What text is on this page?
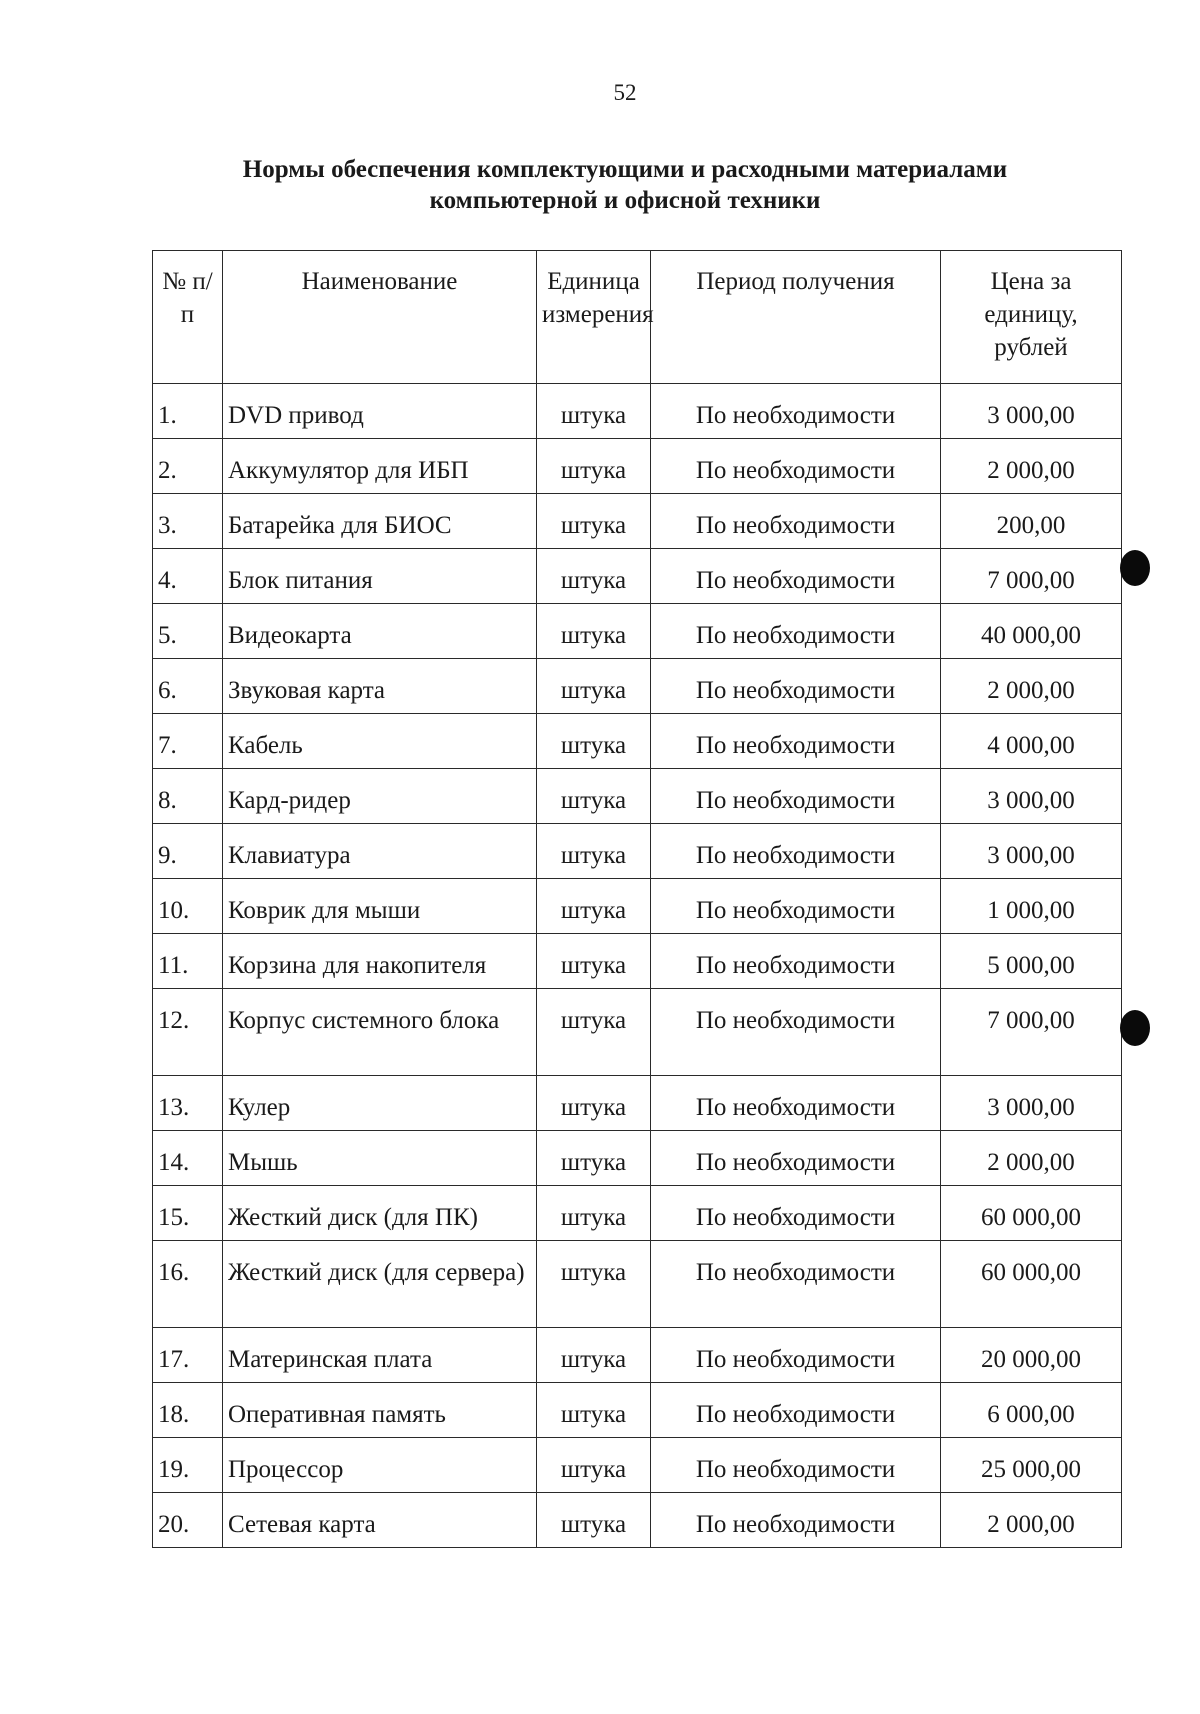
52
Нормы обеспечения комплектующими и расходными материалами
компьютерной и офисной техники
№ п/п	Наименование	Единица измерения	Период получения	Цена за единицу, рублей
1.	DVD привод	штука	По необходимости	3 000,00
2.	Аккумулятор для ИБП	штука	По необходимости	2 000,00
3.	Батарейка для БИОС	штука	По необходимости	200,00
4.	Блок питания	штука	По необходимости	7 000,00
5.	Видеокарта	штука	По необходимости	40 000,00
6.	Звуковая карта	штука	По необходимости	2 000,00
7.	Кабель	штука	По необходимости	4 000,00
8.	Кард-ридер	штука	По необходимости	3 000,00
9.	Клавиатура	штука	По необходимости	3 000,00
10.	Коврик для мыши	штука	По необходимости	1 000,00
11.	Корзина для накопителя	штука	По необходимости	5 000,00
12.	Корпус системного блока	штука	По необходимости	7 000,00
13.	Кулер	штука	По необходимости	3 000,00
14.	Мышь	штука	По необходимости	2 000,00
15.	Жесткий диск (для ПК)	штука	По необходимости	60 000,00
16.	Жесткий диск (для сервера)	штука	По необходимости	60 000,00
17.	Материнская плата	штука	По необходимости	20 000,00
18.	Оперативная память	штука	По необходимости	6 000,00
19.	Процессор	штука	По необходимости	25 000,00
20.	Сетевая карта	штука	По необходимости	2 000,00
